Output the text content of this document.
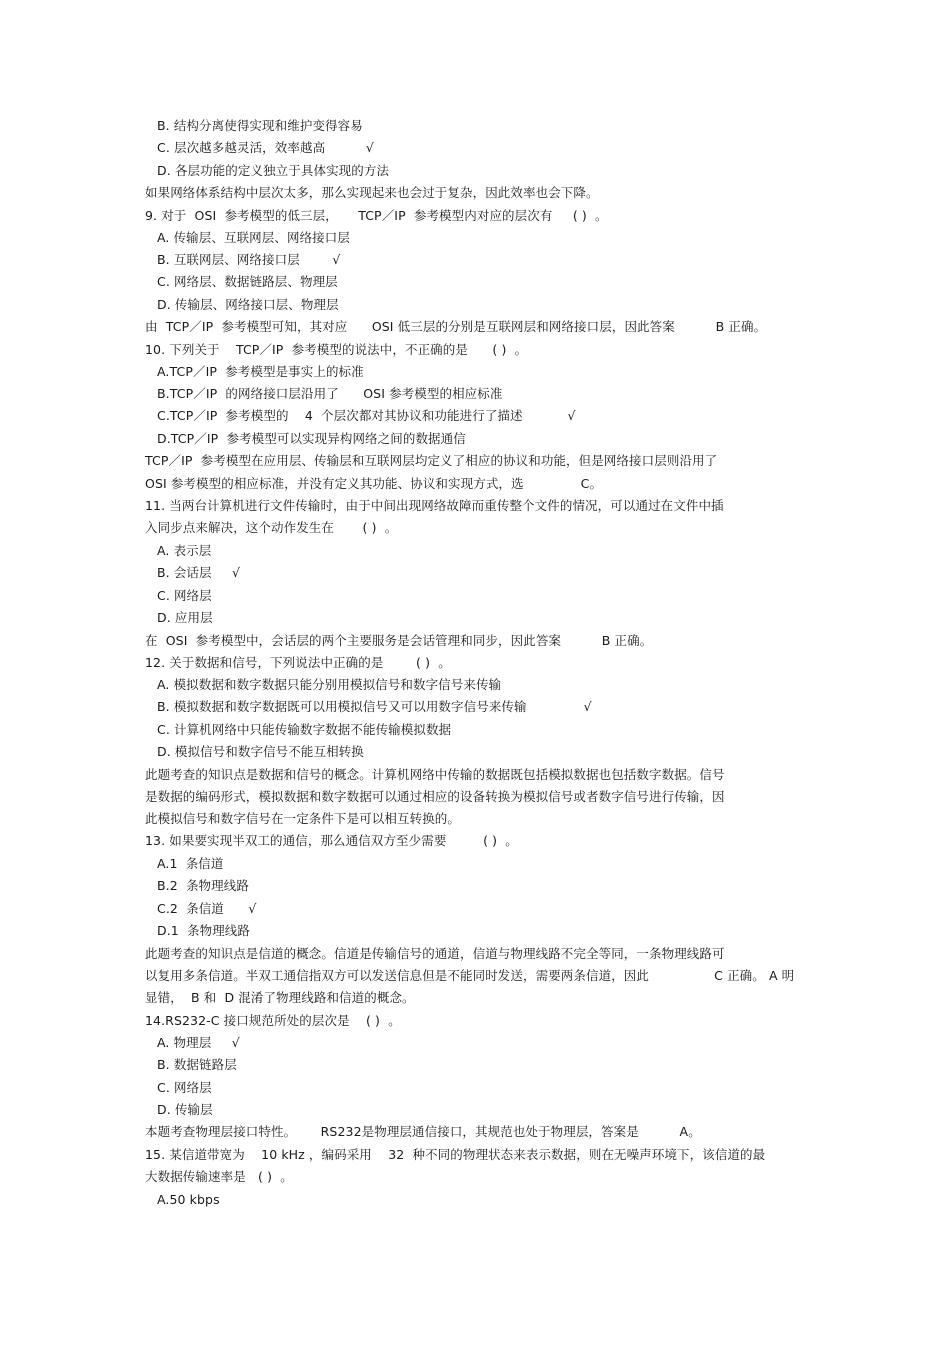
B. 结构分离使得实现和维护变得容易
C. 层次越多越灵活，效率越高          √
D. 各层功能的定义独立于具体实现的方法
如果网络体系结构中层次太多，那么实现起来也会过于复杂，因此效率也会下降。
9. 对于  OSI  参考模型的低三层，     TCP／IP  参考模型内对应的层次有     ( )  。
A. 传输层、互联网层、网络接口层
B. 互联网层、网络接口层        √
C. 网络层、数据链路层、物理层
D. 传输层、网络接口层、物理层
由  TCP／IP  参考模型可知，其对应      OSI 低三层的分别是互联网层和网络接口层，因此答案          B 正确。
10. 下列关于    TCP／IP  参考模型的说法中，不正确的是      ( )  。
A.TCP／IP  参考模型是事实上的标准
B.TCP／IP  的网络接口层沿用了      OSI 参考模型的相应标准
C.TCP／IP  参考模型的    4  个层次都对其协议和功能进行了描述           √
D.TCP／IP  参考模型可以实现异构网络之间的数据通信
TCP／IP  参考模型在应用层、传输层和互联网层均定义了相应的协议和功能，但是网络接口层则沿用了
OSI 参考模型的相应标准，并没有定义其功能、协议和实现方式，选              C。
11. 当两台计算机进行文件传输时，由于中间出现网络故障而重传整个文件的情况，可以通过在文件中插
入同步点来解决，这个动作发生在       ( )  。
A. 表示层
B. 会话层     √
C. 网络层
D. 应用层
在  OSI  参考模型中，会话层的两个主要服务是会话管理和同步，因此答案          B 正确。
12. 关于数据和信号，下列说法中正确的是        ( )  。
A. 模拟数据和数字数据只能分别用模拟信号和数字信号来传输
B. 模拟数据和数字数据既可以用模拟信号又可以用数字信号来传输              √
C. 计算机网络中只能传输数字数据不能传输模拟数据
D. 模拟信号和数字信号不能互相转换
此题考查的知识点是数据和信号的概念。计算机网络中传输的数据既包括模拟数据也包括数字数据。信号
是数据的编码形式，模拟数据和数字数据可以通过相应的设备转换为模拟信号或者数字信号进行传输，因
此模拟信号和数字信号在一定条件下是可以相互转换的。
13. 如果要实现半双工的通信，那么通信双方至少需要         ( )  。
A.1  条信道
B.2  条物理线路
C.2  条信道      √
D.1  条物理线路
此题考查的知识点是信道的概念。信道是传输信号的通道，信道与物理线路不完全等同，一条物理线路可
以复用多条信道。半双工通信指双方可以发送信息但是不能同时发送，需要两条信道，因此                C 正确。 A 明
显错，  B 和  D 混淆了物理线路和信道的概念。
14.RS232-C 接口规范所处的层次是    ( )  。
A. 物理层     √
B. 数据链路层
C. 网络层
D. 传输层
本题考查物理层接口特性。      RS232是物理层通信接口，其规范也处于物理层，答案是          A。
15. 某信道带宽为    10 kHz ，编码采用    32  种不同的物理状态来表示数据，则在无噪声环境下，该信道的最
大数据传输速率是   ( )  。
A.50 kbps
